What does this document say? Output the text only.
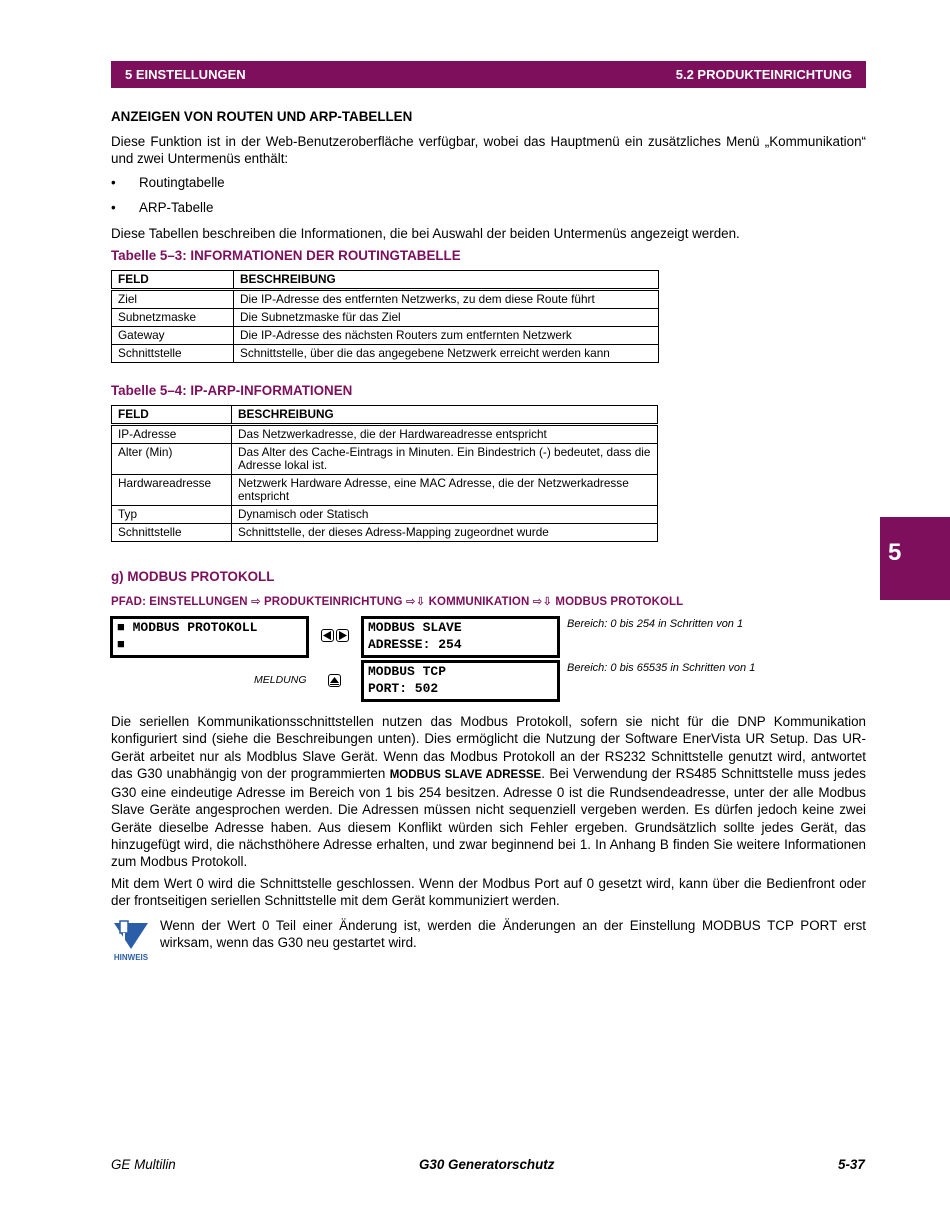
5 EINSTELLUNGEN	5.2 PRODUKTEINRICHTUNG
5
ANZEIGEN VON ROUTEN UND ARP-TABELLEN
Diese Funktion ist in der Web-Benutzeroberfläche verfügbar, wobei das Hauptmenü ein zusätzliches Menü „Kommunikation“ und zwei Untermenüs enthält:
• Routingtabelle
• ARP-Tabelle
Diese Tabellen beschreiben die Informationen, die bei Auswahl der beiden Untermenüs angezeigt werden.
Tabelle 5–3: INFORMATIONEN DER ROUTINGTABELLE
FELD	BESCHREIBUNG
Ziel	Die IP-Adresse des entfernten Netzwerks, zu dem diese Route führt
Subnetzmaske	Die Subnetzmaske für das Ziel
Gateway	Die IP-Adresse des nächsten Routers zum entfernten Netzwerk
Schnittstelle	Schnittstelle, über die das angegebene Netzwerk erreicht werden kann
Tabelle 5–4: IP-ARP-INFORMATIONEN
FELD	BESCHREIBUNG
IP-Adresse	Das Netzwerkadresse, die der Hardwareadresse entspricht
Alter (Min)	Das Alter des Cache-Eintrags in Minuten. Ein Bindestrich (-) bedeutet, dass die Adresse lokal ist.
Hardwareadresse	Netzwerk Hardware Adresse, eine MAC Adresse, die der Netzwerkadresse entspricht
Typ	Dynamisch oder Statisch
Schnittstelle	Schnittstelle, der dieses Adress-Mapping zugeordnet wurde
g) MODBUS PROTOKOLL
PFAD: EINSTELLUNGEN ⇨ PRODUKTEINRICHTUNG ⇨⇩ KOMMUNIKATION ⇨⇩ MODBUS PROTOKOLL
■ MODBUS PROTOKOLL
■
MODBUS SLAVE
ADRESSE: 254
Bereich: 0 bis 254 in Schritten von 1
MELDUNG
MODBUS TCP
PORT: 502
Bereich: 0 bis 65535 in Schritten von 1
Die seriellen Kommunikationsschnittstellen nutzen das Modbus Protokoll, sofern sie nicht für die DNP Kommunikation konfiguriert sind (siehe die Beschreibungen unten). Dies ermöglicht die Nutzung der Software EnerVista UR Setup. Das UR-Gerät arbeitet nur als Modblus Slave Gerät. Wenn das Modbus Protokoll an der RS232 Schnittstelle genutzt wird, antwortet das G30 unabhängig von der programmierten MODBUS SLAVE ADRESSE. Bei Verwendung der RS485 Schnittstelle muss jedes G30 eine eindeutige Adresse im Bereich von 1 bis 254 besitzen. Adresse 0 ist die Rundsendeadresse, unter der alle Modbus Slave Geräte angesprochen werden. Die Adressen müssen nicht sequenziell vergeben werden. Es dürfen jedoch keine zwei Geräte dieselbe Adresse haben. Aus diesem Konflikt würden sich Fehler ergeben. Grundsätzlich sollte jedes Gerät, das hinzugefügt wird, die nächsthöhere Adresse erhalten, und zwar beginnend bei 1. In Anhang B finden Sie weitere Informationen zum Modbus Protokoll.
Mit dem Wert 0 wird die Schnittstelle geschlossen. Wenn der Modbus Port auf 0 gesetzt wird, kann über die Bedienfront oder der frontseitigen seriellen Schnittstelle mit dem Gerät kommuniziert werden.
HINWEIS
Wenn der Wert 0 Teil einer Änderung ist, werden die Änderungen an der Einstellung MODBUS TCP PORT erst wirksam, wenn das G30 neu gestartet wird.
GE Multilin	G30 Generatorschutz	5-37
